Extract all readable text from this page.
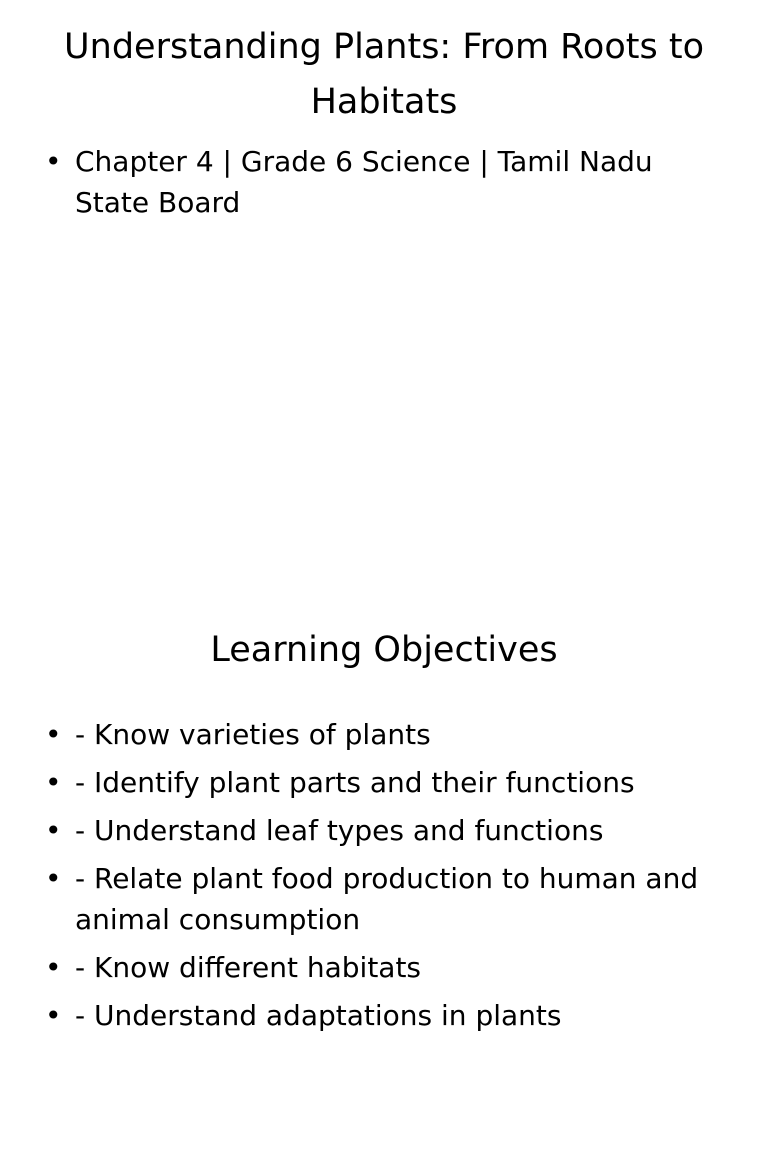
Understanding Plants: From Roots to Habitats
• Chapter 4 | Grade 6 Science | Tamil Nadu State Board
Learning Objectives
• - Know varieties of plants
• - Identify plant parts and their functions
• - Understand leaf types and functions
• - Relate plant food production to human and animal consumption
• - Know different habitats
• - Understand adaptations in plants
